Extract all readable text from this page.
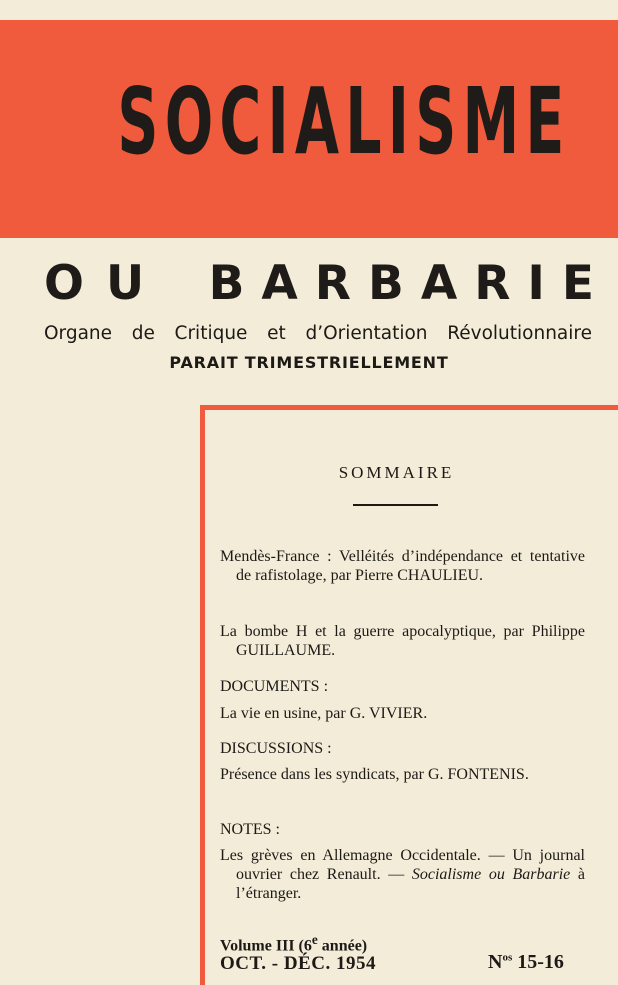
SOCIALISME
O U B A R B A R I E
Organe de Critique et d’Orientation Révolutionnaire
PARAIT TRIMESTRIELLEMENT
SOMMAIRE
Mendès-France : Velléités d’indépendance et tentative de rafistolage, par Pierre CHAULIEU.
La bombe H et la guerre apocalyptique, par Philippe GUILLAUME.
DOCUMENTS :
La vie en usine, par G. VIVIER.
DISCUSSIONS :
Présence dans les syndicats, par G. FONTENIS.
NOTES :
Les grèves en Allemagne Occidentale. — Un journal ouvrier chez Renault. — Socialisme ou Barbarie à l’étranger.
Volume III (6e année)
OCT. - DÉC. 1954	$N^{os}$ 15-16
